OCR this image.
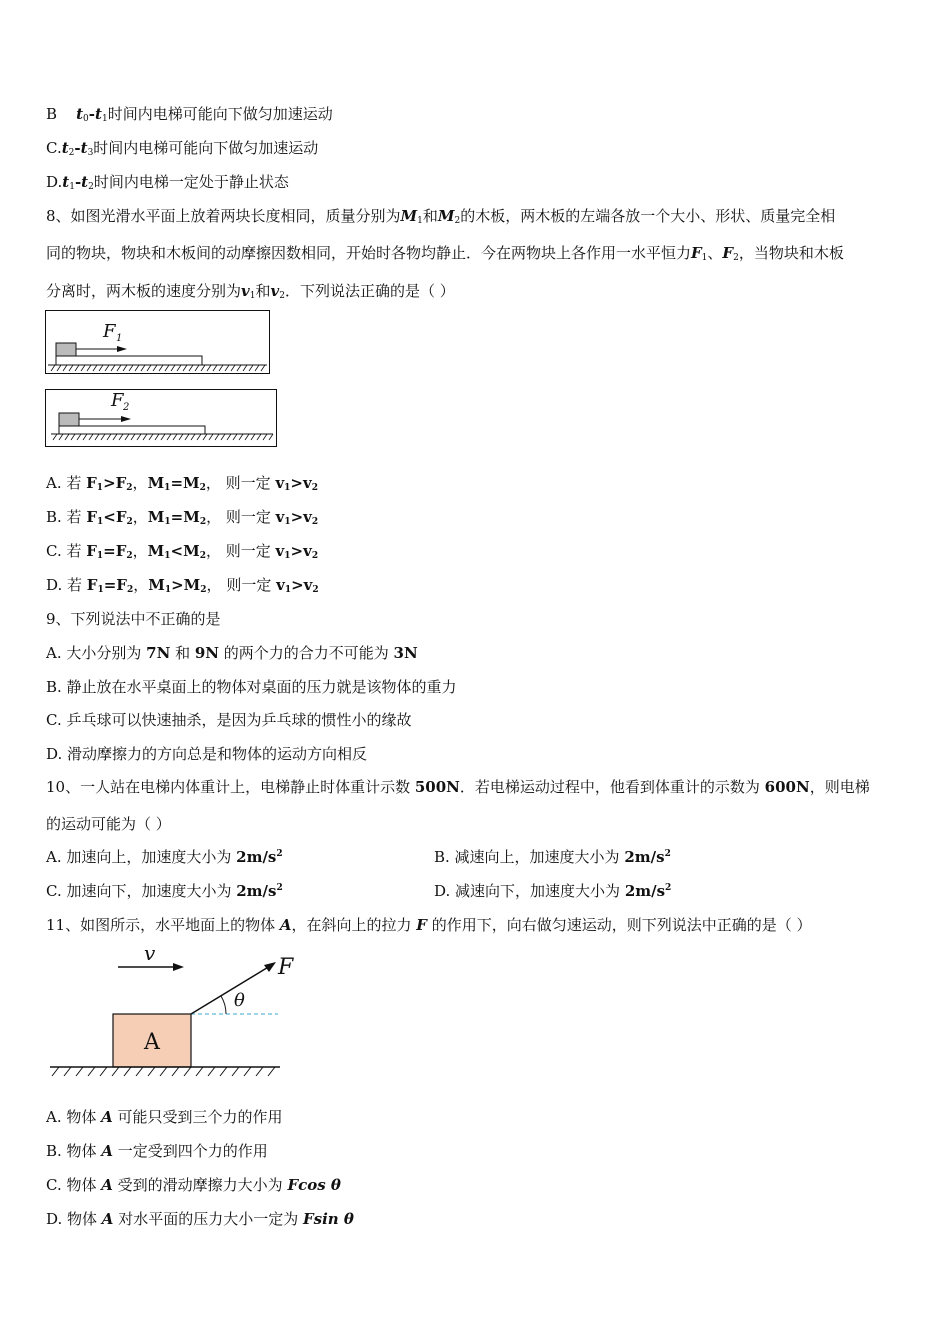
B $t_0-t_1$时间内电梯可能向下做匀加速运动
$C.t_2-t_3$时间内电梯可能向下做匀加速运动
$D.t_1-t_2$时间内电梯一定处于静止状态
8、如图光滑水平面上放着两块长度相同，质量分别为$M_1$和$M_2$的木板，两木板的左端各放一个大小、形状、质量完全相
同的物块，物块和木板间的动摩擦因数相同，开始时各物均静止．今在两物块上各作用一水平恒力$F_1$、$F_2$，当物块和木板
分离时，两木板的速度分别为$v_1$和$v_2$．下列说法正确的是（ ）
F 1
F 2
A. 若 $F_1>F_2$，$M_1=M_2$， 则一定 $v_1>v_2$
B. 若 $F_1<F_2$，$M_1=M_2$， 则一定 $v_1>v_2$
C. 若 $F_1=F_2$，$M_1<M_2$， 则一定 $v_1>v_2$
D. 若 $F_1=F_2$，$M_1>M_2$， 则一定 $v_1>v_2$
9、下列说法中不正确的是
A. 大小分别为 7N 和 9N 的两个力的合力不可能为 3N
B. 静止放在水平桌面上的物体对桌面的压力就是该物体的重力
C. 乒乓球可以快速抽杀，是因为乒乓球的惯性小的缘故
D. 滑动摩擦力的方向总是和物体的运动方向相反
10、一人站在电梯内体重计上，电梯静止时体重计示数 500N．若电梯运动过程中，他看到体重计的示数为 600N，则电梯
的运动可能为（ ）
A. 加速向上，加速度大小为 $2m/s^2$	B. 减速向上，加速度大小为 $2m/s^2$
C. 加速向下，加速度大小为 $2m/s^2$	D. 减速向下，加速度大小为 $2m/s^2$
11、如图所示，水平地面上的物体 A，在斜向上的拉力 F 的作用下，向右做匀速运动，则下列说法中正确的是（ ）
v
A
F
θ
A. 物体 A 可能只受到三个力的作用
B. 物体 A 一定受到四个力的作用
C. 物体 A 受到的滑动摩擦力大小为 Fcos θ
D. 物体 A 对水平面的压力大小一定为 Fsin θ
